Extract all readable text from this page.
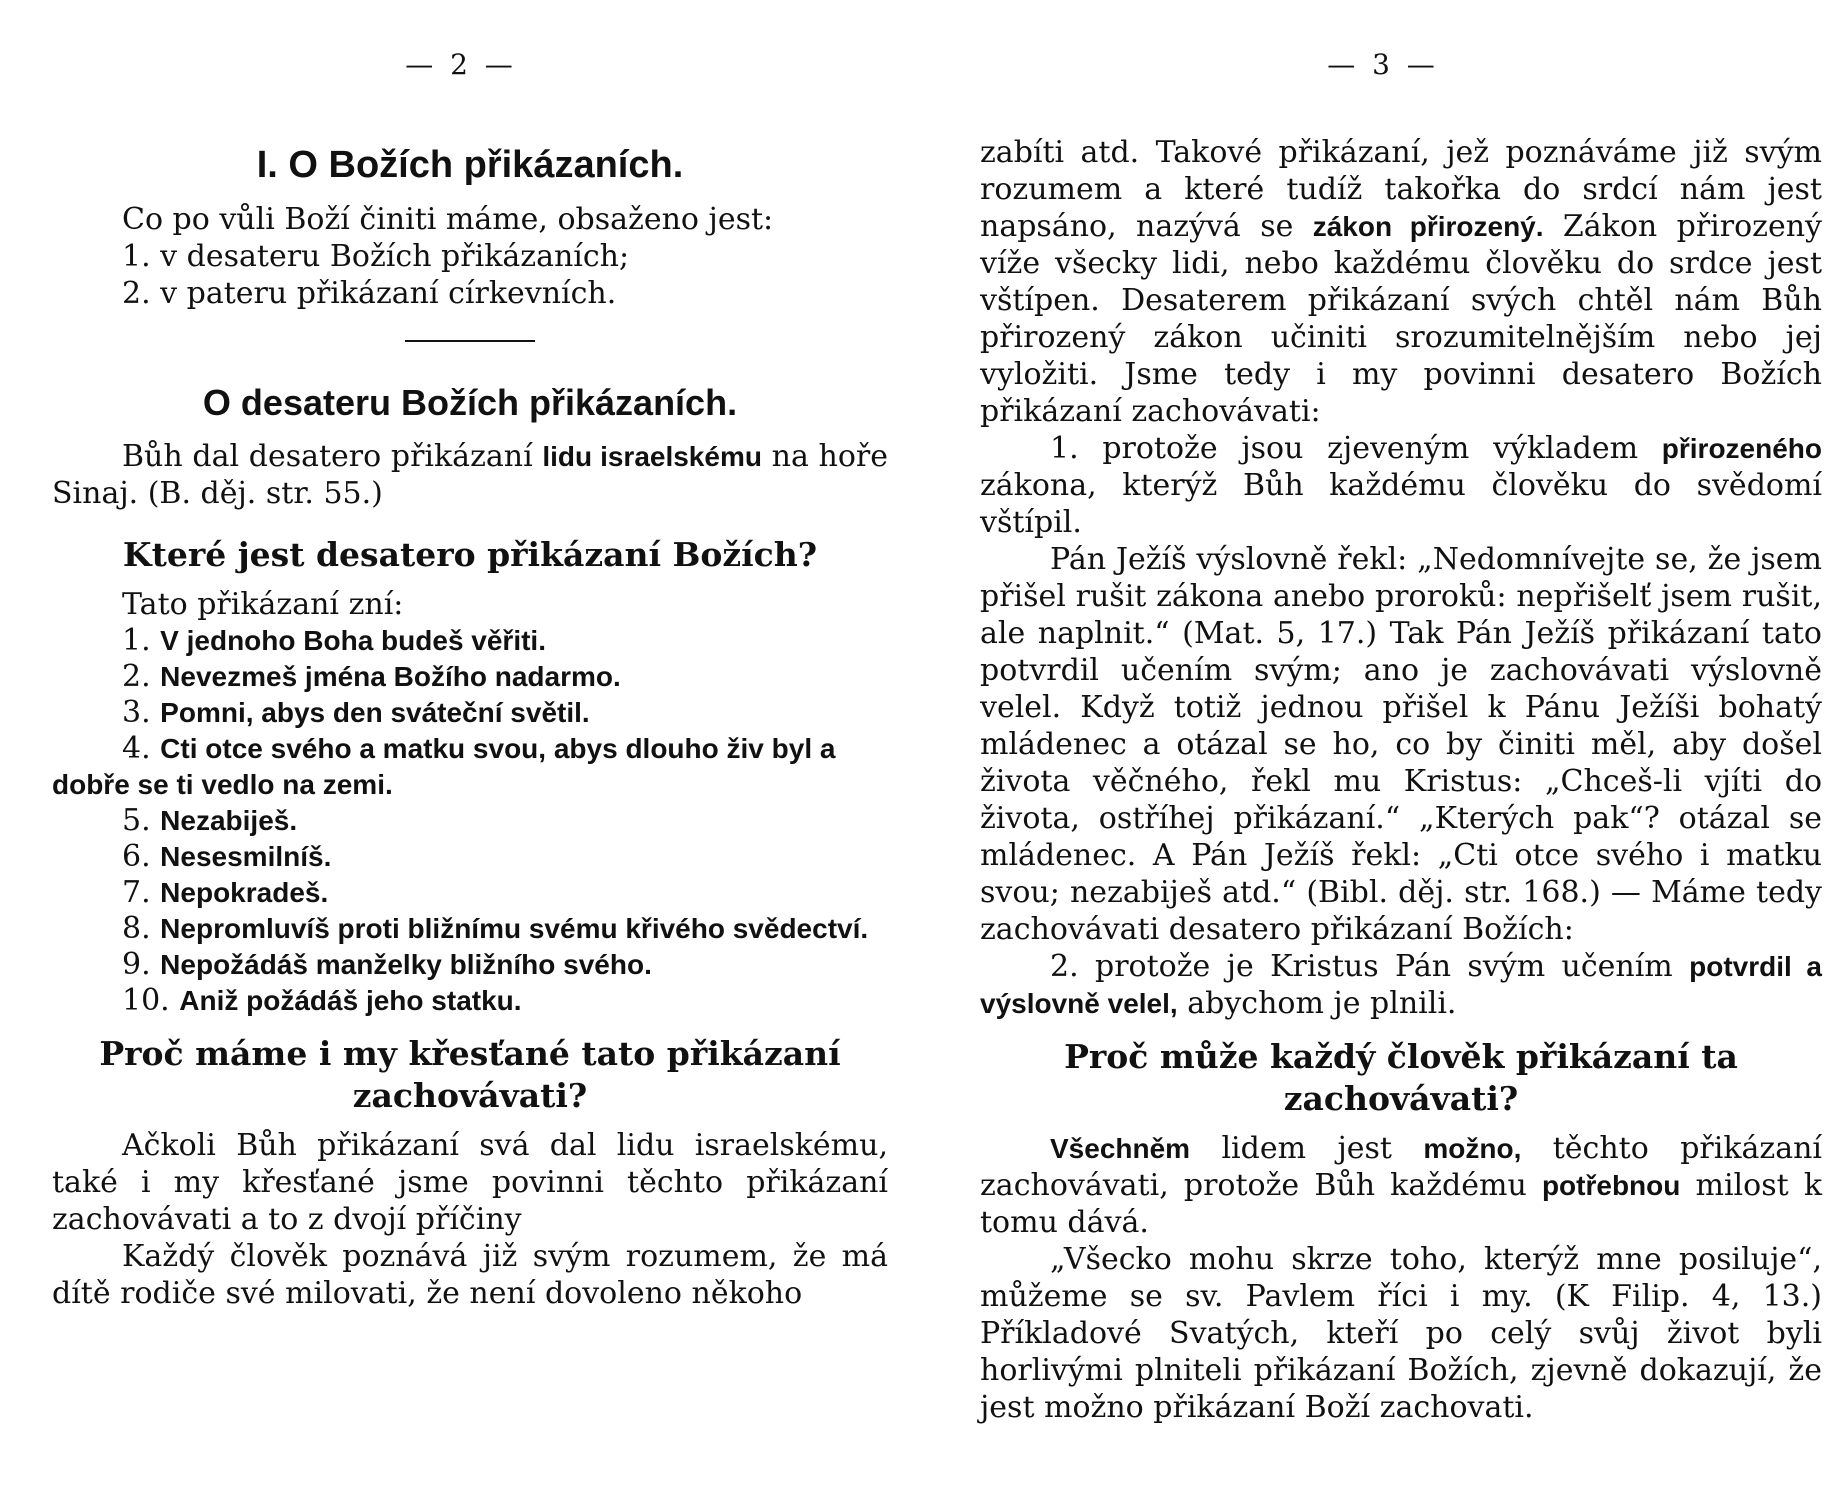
— 2 —
I. O Božích přikázaních.

Co po vůli Boží činiti máme, obsaženo jest:

1. v desateru Božích přikázaních;

2. v pateru přikázaní církevních.

O desateru Božích přikázaních.

Bůh dal desatero přikázaní lidu israelskému na hoře Sinaj. (B. děj. str. 55.)

Které jest desatero přikázaní Božích?

Tato přikázaní zní:

1. V jednoho Boha budeš věřiti.

2. Nevezmeš jména Božího nadarmo.

3. Pomni, abys den sváteční světil.

4. Cti otce svého a matku svou, abys dlouho živ byl a dobře se ti vedlo na zemi.

5. Nezabiješ.

6. Nesesmilníš.

7. Nepokradeš.

8. Nepromluvíš proti bližnímu svému křivého svědectví.

9. Nepožádáš manželky bližního svého.

10. Aniž požádáš jeho statku.

Proč máme i my křesťané tato přikázaní zachovávati?

Ačkoli Bůh přikázaní svá dal lidu israelskému, také i my křesťané jsme povinni těchto přikázaní zachovávati a to z dvojí příčiny

Každý člověk poznává již svým rozumem, že má dítě rodiče své milovati, že není dovoleno někoho

— 3 —

zabíti atd. Takové přikázaní, jež poznáváme již svým rozumem a které tudíž takořka do srdcí nám jest napsáno, nazývá se zákon přirozený. Zákon přirozený víže všecky lidi, nebo každému člověku do srdce jest vštípen. Desaterem přikázaní svých chtěl nám Bůh přirozený zákon učiniti srozumitelnějším nebo jej vyložiti. Jsme tedy i my povinni desatero Božích přikázaní zachovávati:

1. protože jsou zjeveným výkladem přirozeného zákona, kterýž Bůh každému člověku do svědomí vštípil.

Pán Ježíš výslovně řekl: „Nedomnívejte se, že jsem přišel rušit zákona anebo proroků: nepřišelť jsem rušit, ale naplnit.“ (Mat. 5, 17.) Tak Pán Ježíš přikázaní tato potvrdil učením svým; ano je zachovávati výslovně velel. Když totiž jednou přišel k Pánu Ježíši bohatý mládenec a otázal se ho, co by činiti měl, aby došel života věčného, řekl mu Kristus: „Chceš-li vjíti do života, ostříhej přikázaní.“ „Kterých pak“? otázal se mládenec. A Pán Ježíš řekl: „Cti otce svého i matku svou; nezabiješ atd.“ (Bibl. děj. str. 168.) — Máme tedy zachovávati desatero přikázaní Božích:

2. protože je Kristus Pán svým učením potvrdil a výslovně velel, abychom je plnili.

Proč může každý člověk přikázaní ta zachovávati?

Všechněm lidem jest možno, těchto přikázaní zachovávati, protože Bůh každému potřebnou milost k tomu dává.

„Všecko mohu skrze toho, kterýž mne posiluje“, můžeme se sv. Pavlem říci i my. (K Filip. 4, 13.) Příkladové Svatých, kteří po celý svůj život byli horlivými plniteli přikázaní Božích, zjevně dokazují, že jest možno přikázaní Boží zachovati.
